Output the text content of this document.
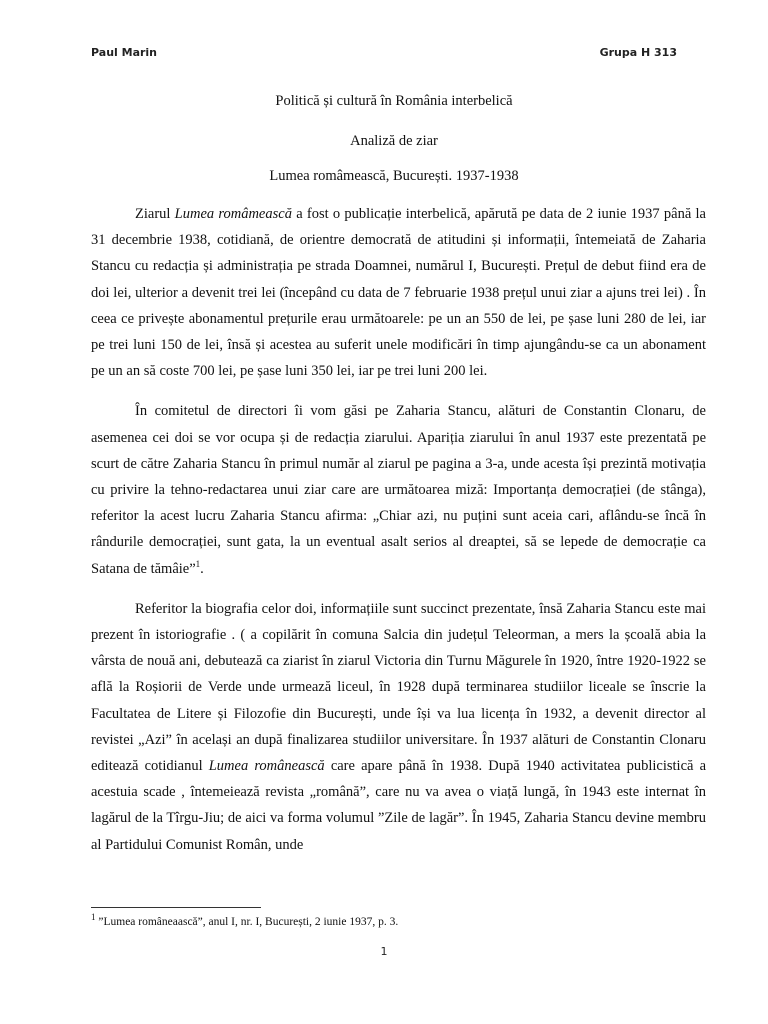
Paul Marin	Grupa H 313
Politică și cultură în România interbelică
Analiză de ziar
Lumea româmească, București. 1937-1938

Ziarul Lumea româmească a fost o publicație interbelică, apărută pe data de 2 iunie 1937 până la 31 decembrie 1938, cotidiană, de orientre democrată de atitudini și informații, întemeiată de Zaharia Stancu cu redacția și administrația pe strada Doamnei, numărul I, București. Prețul de debut fiind era de doi lei, ulterior a devenit trei lei (începând cu data de 7 februarie 1938 prețul unui ziar a ajuns trei lei) . În ceea ce privește abonamentul prețurile erau următoarele: pe un an 550 de lei, pe șase luni 280 de lei, iar pe trei luni 150 de lei, însă și acestea au suferit unele modificări în timp ajungându-se ca un abonament pe un an să coste 700 lei, pe șase luni 350 lei, iar pe trei luni 200 lei.

În comitetul de directori îi vom găsi pe Zaharia Stancu, alături de Constantin Clonaru, de asemenea cei doi se vor ocupa și de redacția ziarului. Apariția ziarului în anul 1937 este prezentată pe scurt de către Zaharia Stancu în primul număr al ziarul pe pagina a 3-a, unde acesta își prezintă motivația cu privire la tehno-redactarea unui ziar care are următoarea miză: Importanța democrației (de stânga), referitor la acest lucru Zaharia Stancu afirma: „Chiar azi, nu puțini sunt aceia cari, aflându-se încă în rândurile democrației, sunt gata, la un eventual asalt serios al dreaptei, să se lepede de democrație ca Satana de tămâie”$^1$.

Referitor la biografia celor doi, informațiile sunt succinct prezentate, însă Zaharia Stancu este mai prezent în istoriografie . ( a copilărit în comuna Salcia din județul Teleorman, a mers la școală abia la vârsta de nouă ani, debutează ca ziarist în ziarul Victoria din Turnu Măgurele în 1920, între 1920-1922 se află la Roșiorii de Verde unde urmează liceul, în 1928 după terminarea studiilor liceale se înscrie la Facultatea de Litere și Filozofie din București, unde își va lua licența în 1932, a devenit director al revistei „Azi” în același an după finalizarea studiilor universitare. În 1937 alături de Constantin Clonaru editează cotidianul Lumea românească care apare până în 1938. După 1940 activitatea publicistică a acestuia scade , întemeiează revista „română”, care nu va avea o viață lungă, în 1943 este internat în lagărul de la Tîrgu-Jiu; de aici va forma volumul ”Zile de lagăr”. În 1945, Zaharia Stancu devine membru al Partidului Comunist Român, unde

$^1$ ”Lumea româneaască”, anul I, nr. I, București, 2 iunie 1937, p. 3.
1
